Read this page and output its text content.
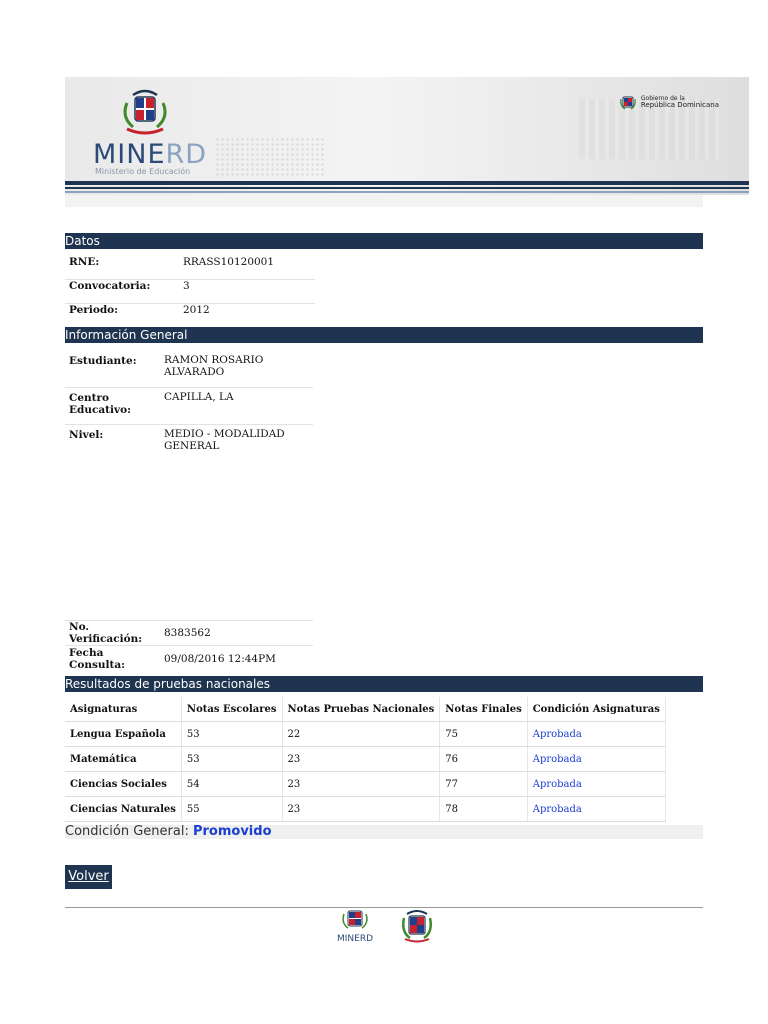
MINERD
Ministerio de Educación
Gobierno de la
República Dominicana
Datos
RNE:	RRASS10120001
Convocatoria:	3
Periodo:	2012
Información General
Estudiante:	RAMON ROSARIO ALVARADO
Centro Educativo:	CAPILLA, LA
Nivel:	MEDIO - MODALIDAD GENERAL
No. Verificación:	8383562
Fecha Consulta:	09/08/2016 12:44PM
Resultados de pruebas nacionales
Asignaturas	Notas Escolares	Notas Pruebas Nacionales	Notas Finales	Condición Asignaturas
Lengua Española	53	22	75	Aprobada
Matemática	53	23	76	Aprobada
Ciencias Sociales	54	23	77	Aprobada
Ciencias Naturales	55	23	78	Aprobada
Condición General: Promovido
Volver
MINERD
